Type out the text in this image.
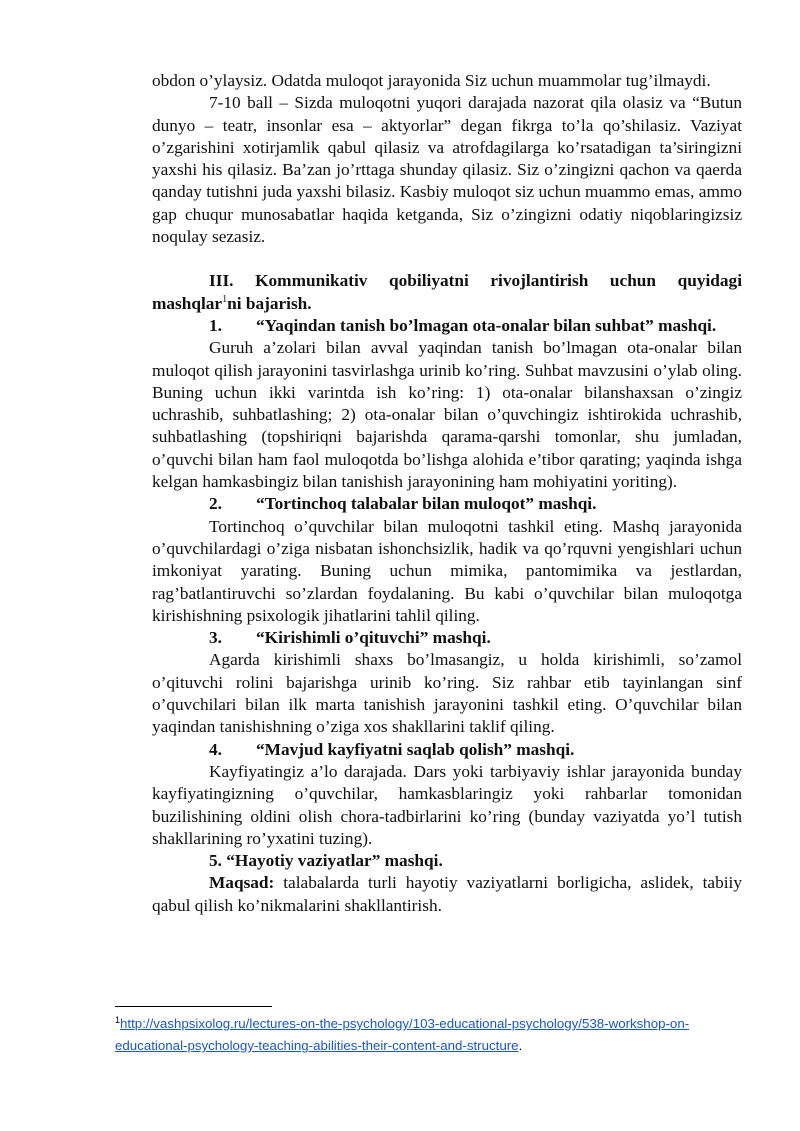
obdon o’ylaysiz. Odatda muloqot jarayonida Siz uchun muammolar tug’ilmaydi.

7-10 ball – Sizda muloqotni yuqori darajada nazorat qila olasiz va “Butun dunyo – teatr, insonlar esa – aktyorlar” degan fikrga to’la qo’shilasiz. Vaziyat o’zgarishini xotirjamlik qabul qilasiz va atrofdagilarga ko’rsatadigan ta’siringizni yaxshi his qilasiz. Ba’zan jo’rttaga shunday qilasiz. Siz o’zingizni qachon va qaerda qanday tutishni juda yaxshi bilasiz. Kasbiy muloqot siz uchun muammo emas, ammo gap chuqur munosabatlar haqida ketganda, Siz o’zingizni odatiy niqoblaringizsiz noqulay sezasiz.

III. Kommunikativ qobiliyatni rivojlantirish uchun quyidagi mashqlar$^1$ni bajarish.

1. “Yaqindan tanish bo’lmagan ota-onalar bilan suhbat” mashqi.

Guruh a’zolari bilan avval yaqindan tanish bo’lmagan ota-onalar bilan muloqot qilish jarayonini tasvirlashga urinib ko’ring. Suhbat mavzusini o’ylab oling. Buning uchun ikki varintda ish ko’ring: 1) ota-onalar bilanshaxsan o’zingiz uchrashib, suhbatlashing; 2) ota-onalar bilan o’quvchingiz ishtirokida uchrashib, suhbatlashing (topshiriqni bajarishda qarama-qarshi tomonlar, shu jumladan, o’quvchi bilan ham faol muloqotda bo’lishga alohida e’tibor qarating; yaqinda ishga kelgan hamkasbingiz bilan tanishish jarayonining ham mohiyatini yoriting).

2. “Tortinchoq talabalar bilan muloqot” mashqi.

Tortinchoq o’quvchilar bilan muloqotni tashkil eting. Mashq jarayonida o’quvchilardagi o’ziga nisbatan ishonchsizlik, hadik va qo’rquvni yengishlari uchun imkoniyat yarating. Buning uchun mimika, pantomimika va jestlardan, rag’batlantiruvchi so’zlardan foydalaning. Bu kabi o’quvchilar bilan muloqotga kirishishning psixologik jihatlarini tahlil qiling.

3. “Kirishimli o’qituvchi” mashqi.

Agarda kirishimli shaxs bo’lmasangiz, u holda kirishimli, so’zamol o’qituvchi rolini bajarishga urinib ko’ring. Siz rahbar etib tayinlangan sinf o’quvchilari bilan ilk marta tanishish jarayonini tashkil eting. O’quvchilar bilan yaqindan tanishishning o’ziga xos shakllarini taklif qiling.

4. “Mavjud kayfiyatni saqlab qolish” mashqi.

Kayfiyatingiz a’lo darajada. Dars yoki tarbiyaviy ishlar jarayonida bunday kayfiyatingizning o’quvchilar, hamkasblaringiz yoki rahbarlar tomonidan buzilishining oldini olish chora-tadbirlarini ko’ring (bunday vaziyatda yo’l tutish shakllarining ro’yxatini tuzing).

5. “Hayotiy vaziyatlar” mashqi.

Maqsad: talabalarda turli hayotiy vaziyatlarni borligicha, aslidek, tabiiy qabul qilish ko’nikmalarini shakllantirish.

$^1$http://vashpsixolog.ru/lectures-on-the-psychology/103-educational-psychology/538-workshop-on-educational-psychology-teaching-abilities-their-content-and-structure.
